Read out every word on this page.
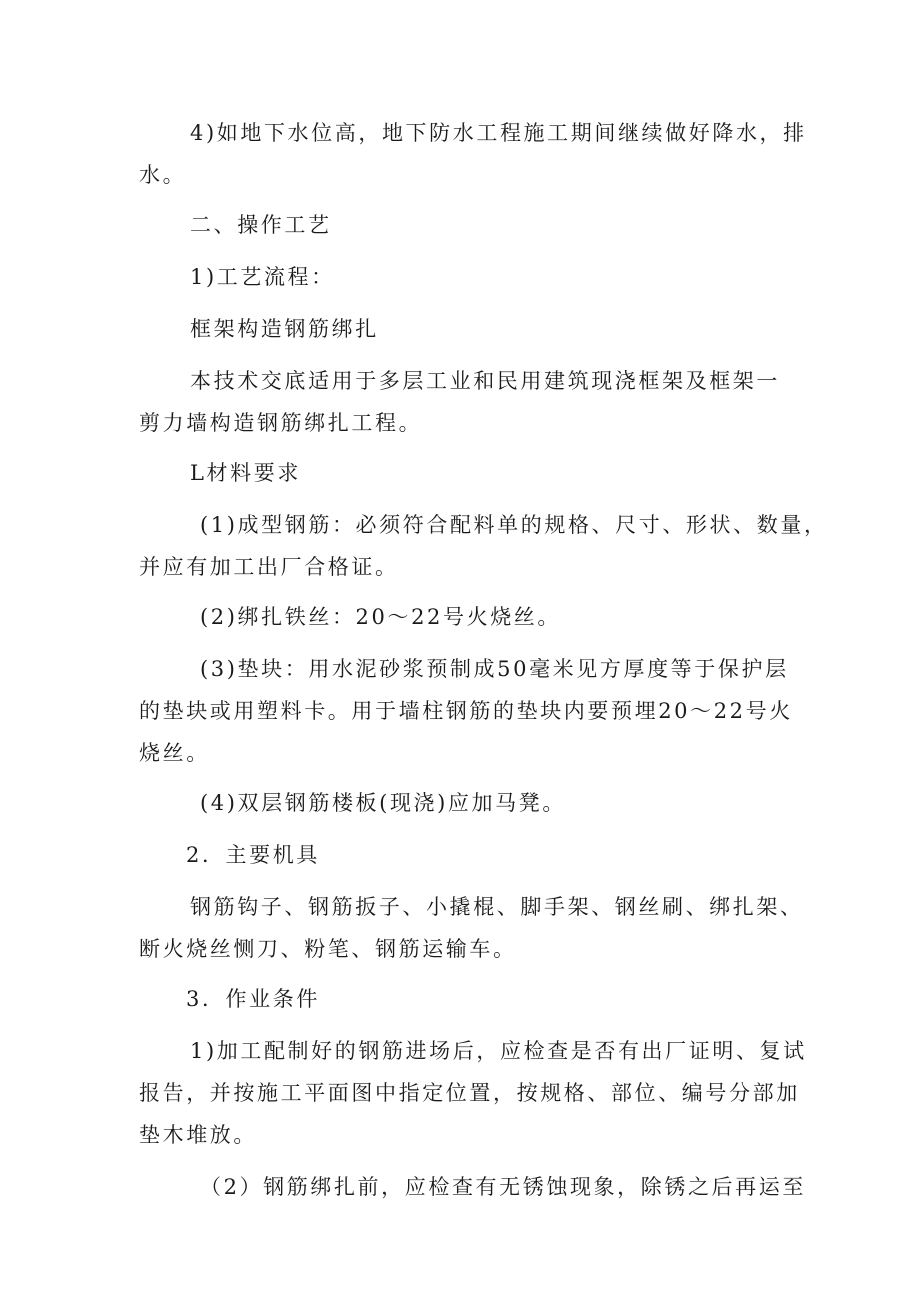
4)如地下水位高，地下防水工程施工期间继续做好降水，排
水。
二、操作工艺
1)工艺流程：
框架构造钢筋绑扎
本技术交底适用于多层工业和民用建筑现浇框架及框架一
剪力墙构造钢筋绑扎工程。
L材料要求
(1)成型钢筋：必须符合配料单的规格、尺寸、形状、数量，
并应有加工出厂合格证。
(2)绑扎铁丝：20～22号火烧丝。
(3)垫块：用水泥砂浆预制成50毫米见方厚度等于保护层
的垫块或用塑料卡。用于墙柱钢筋的垫块内要预埋20～22号火
烧丝。
(4)双层钢筋楼板(现浇)应加马凳。
2．主要机具
钢筋钩子、钢筋扳子、小撬棍、脚手架、钢丝刷、绑扎架、
断火烧丝恻刀、粉笔、钢筋运输车。
3．作业条件
1)加工配制好的钢筋进场后，应检查是否有出厂证明、复试
报告，并按施工平面图中指定位置，按规格、部位、编号分部加
垫木堆放。
（2）钢筋绑扎前，应检查有无锈蚀现象，除锈之后再运至
